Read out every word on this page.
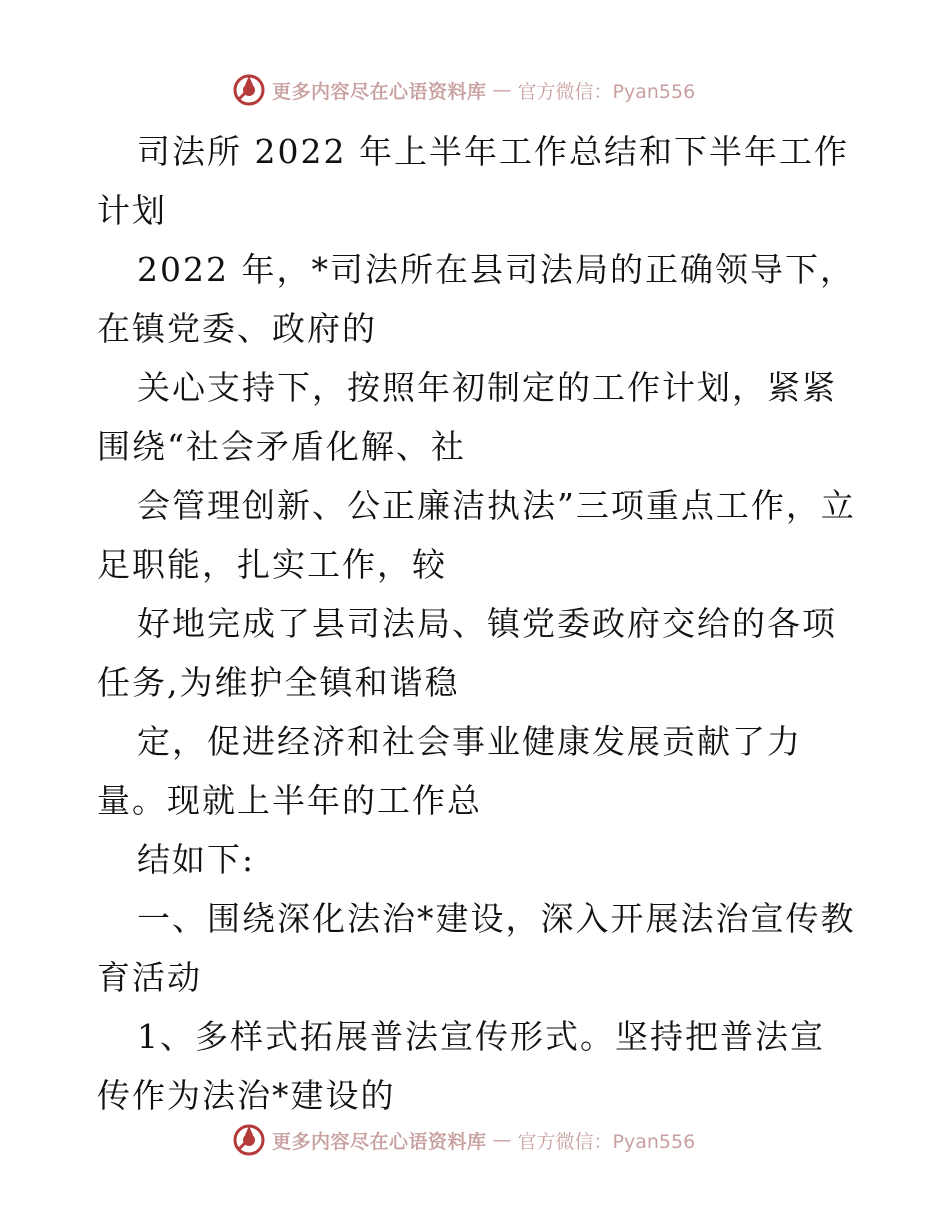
更多内容尽在心语资料库 — 官方微信：Pyan556

司法所 2022 年上半年工作总结和下半年工作计划

2022 年，*司法所在县司法局的正确领导下，在镇党委、政府的

关心支持下，按照年初制定的工作计划，紧紧围绕“社会矛盾化解、社

会管理创新、公正廉洁执法”三项重点工作，立足职能，扎实工作，较

好地完成了县司法局、镇党委政府交给的各项任务,为维护全镇和谐稳

定，促进经济和社会事业健康发展贡献了力量。现就上半年的工作总

结如下:

一、围绕深化法治*建设，深入开展法治宣传教育活动

1、多样式拓展普法宣传形式。坚持把普法宣传作为法治*建设的

更多内容尽在心语资料库 — 官方微信：Pyan556
